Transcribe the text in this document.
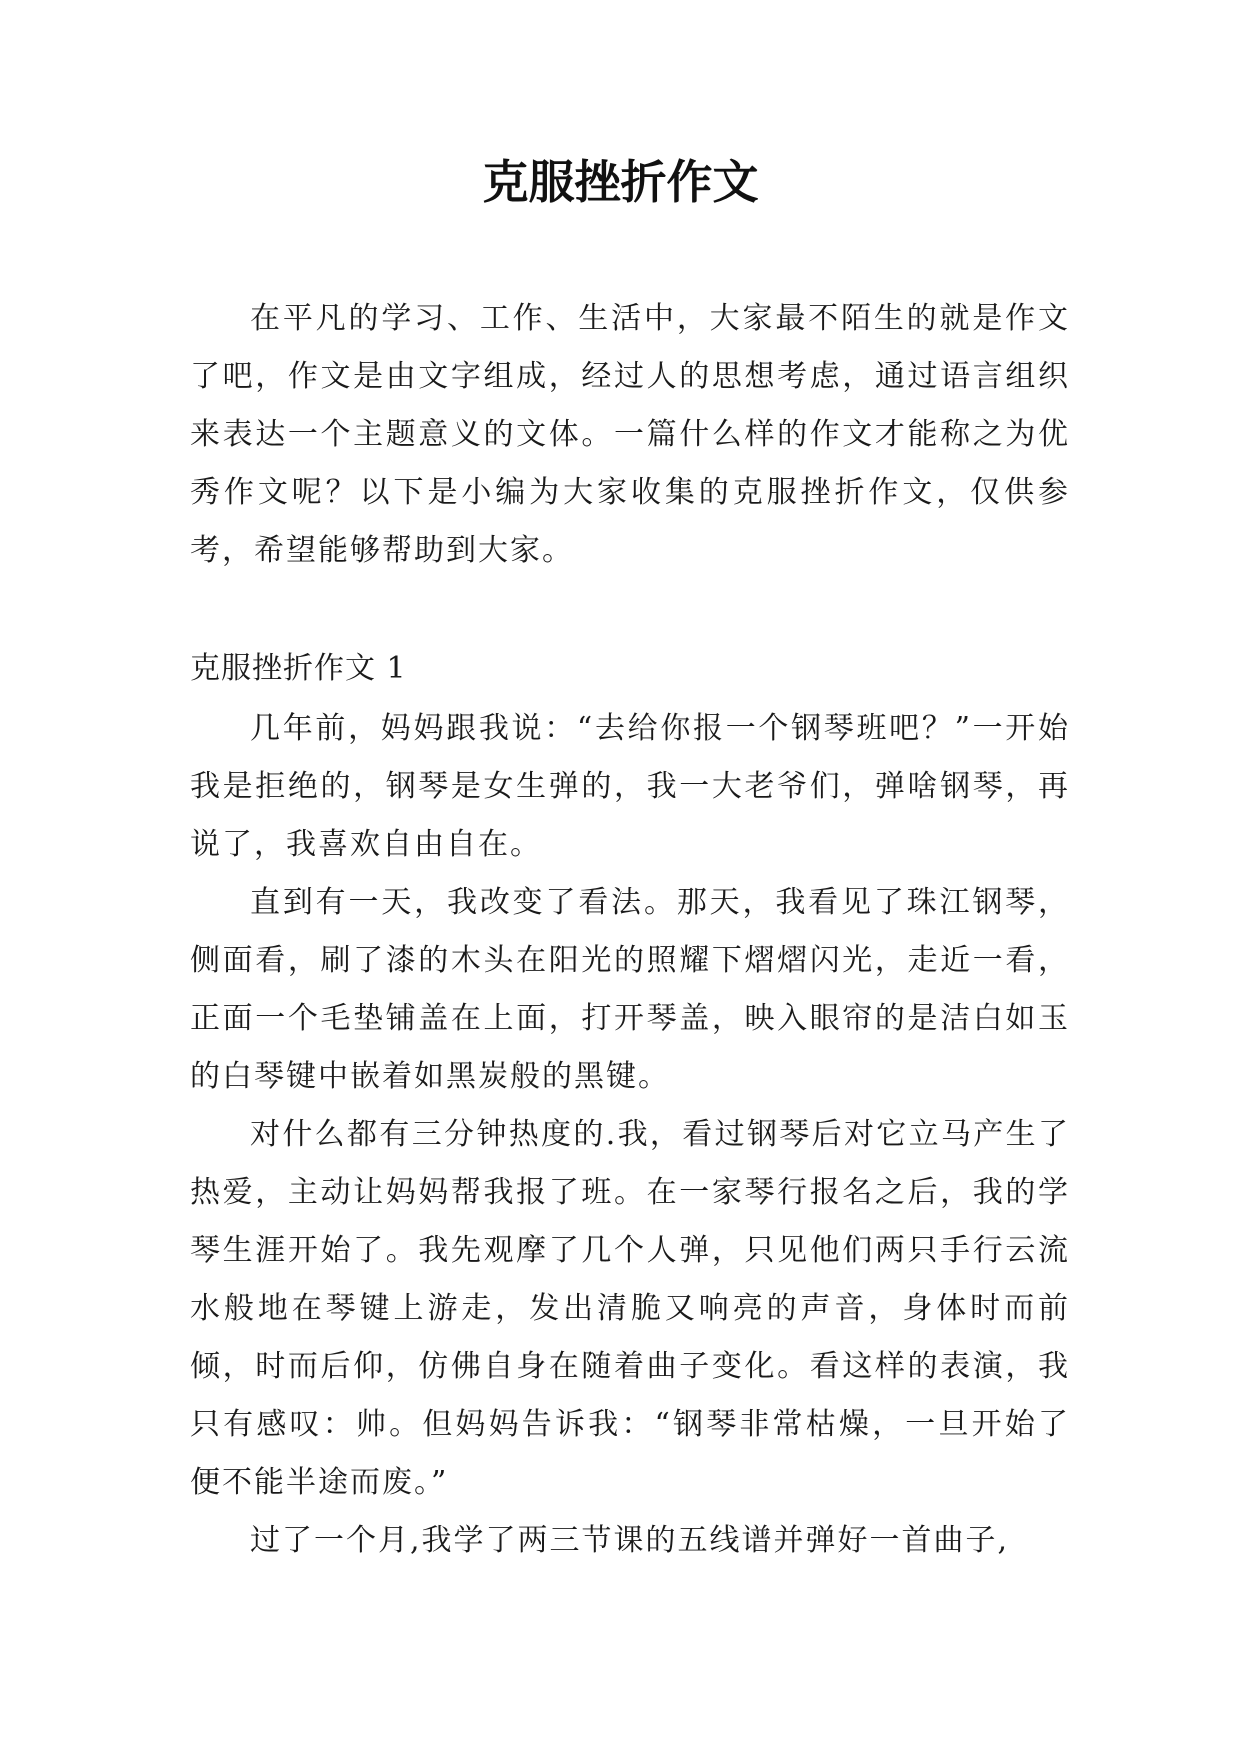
克服挫折作文

在平凡的学习、工作、生活中，大家最不陌生的就是作文了吧，作文是由文字组成，经过人的思想考虑，通过语言组织来表达一个主题意义的文体。一篇什么样的作文才能称之为优秀作文呢？以下是小编为大家收集的克服挫折作文，仅供参考，希望能够帮助到大家。

克服挫折作文 1

几年前，妈妈跟我说：“去给你报一个钢琴班吧？”一开始我是拒绝的，钢琴是女生弹的，我一大老爷们，弹啥钢琴，再说了，我喜欢自由自在。

直到有一天，我改变了看法。那天，我看见了珠江钢琴，侧面看，刷了漆的木头在阳光的照耀下熠熠闪光，走近一看，正面一个毛垫铺盖在上面，打开琴盖，映入眼帘的是洁白如玉的白琴键中嵌着如黑炭般的黑键。

对什么都有三分钟热度的.我，看过钢琴后对它立马产生了热爱，主动让妈妈帮我报了班。在一家琴行报名之后，我的学琴生涯开始了。我先观摩了几个人弹，只见他们两只手行云流水般地在琴键上游走，发出清脆又响亮的声音，身体时而前倾，时而后仰，仿佛自身在随着曲子变化。看这样的表演，我只有感叹：帅。但妈妈告诉我：“钢琴非常枯燥，一旦开始了便不能半途而废。”

过了一个月,我学了两三节课的五线谱并弹好一首曲子,
